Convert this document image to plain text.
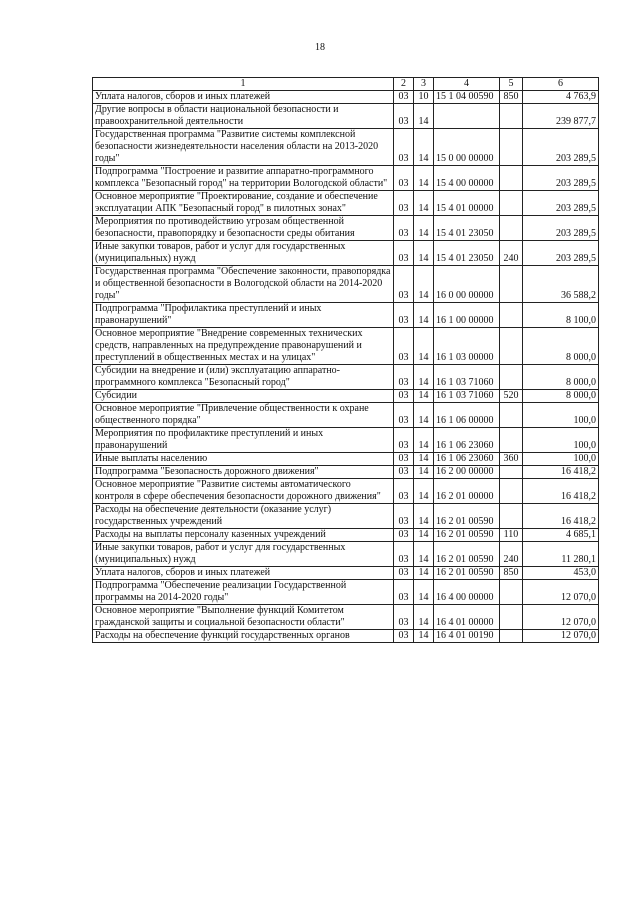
18
1	2	3	4	5	6
Уплата налогов, сборов и иных платежей	03	10	15 1 04 00590	850	4 763,9
Другие вопросы в области национальной безопасности и правоохранительной деятельности	03	14			239 877,7
Государственная программа "Развитие системы комплексной безопасности жизнедеятельности населения области на 2013-2020 годы"	03	14	15 0 00 00000		203 289,5
Подпрограмма "Построение и развитие аппаратно-программного комплекса "Безопасный город" на территории Вологодской области"	03	14	15 4 00 00000		203 289,5
Основное мероприятие "Проектирование, создание и обеспечение эксплуатации АПК "Безопасный город" в пилотных зонах"	03	14	15 4 01 00000		203 289,5
Мероприятия по противодействию угрозам общественной безопасности, правопорядку и безопасности среды обитания	03	14	15 4 01 23050		203 289,5
Иные закупки товаров, работ и услуг для государственных (муниципальных) нужд	03	14	15 4 01 23050	240	203 289,5
Государственная программа "Обеспечение законности, правопорядка и общественной безопасности в Вологодской области на 2014-2020 годы"	03	14	16 0 00 00000		36 588,2
Подпрограмма "Профилактика преступлений и иных правонарушений"	03	14	16 1 00 00000		8 100,0
Основное мероприятие "Внедрение современных технических средств, направленных на предупреждение правонарушений и преступлений в общественных местах и на улицах"	03	14	16 1 03 00000		8 000,0
Субсидии на внедрение и (или) эксплуатацию аппаратно-программного комплекса "Безопасный город"	03	14	16 1 03 71060		8 000,0
Субсидии	03	14	16 1 03 71060	520	8 000,0
Основное мероприятие "Привлечение общественности к охране общественного порядка"	03	14	16 1 06 00000		100,0
Мероприятия по профилактике преступлений и иных правонарушений	03	14	16 1 06 23060		100,0
Иные выплаты населению	03	14	16 1 06 23060	360	100,0
Подпрограмма "Безопасность дорожного движения"	03	14	16 2 00 00000		16 418,2
Основное мероприятие "Развитие системы автоматического контроля в сфере обеспечения безопасности дорожного движения"	03	14	16 2 01 00000		16 418,2
Расходы на обеспечение деятельности (оказание услуг) государственных учреждений	03	14	16 2 01 00590		16 418,2
Расходы на выплаты персоналу казенных учреждений	03	14	16 2 01 00590	110	4 685,1
Иные закупки товаров, работ и услуг для государственных (муниципальных) нужд	03	14	16 2 01 00590	240	11 280,1
Уплата налогов, сборов и иных платежей	03	14	16 2 01 00590	850	453,0
Подпрограмма "Обеспечение реализации Государственной программы на 2014-2020 годы"	03	14	16 4 00 00000		12 070,0
Основное мероприятие "Выполнение функций Комитетом гражданской защиты и социальной безопасности области"	03	14	16 4 01 00000		12 070,0
Расходы на обеспечение функций государственных органов	03	14	16 4 01 00190		12 070,0
